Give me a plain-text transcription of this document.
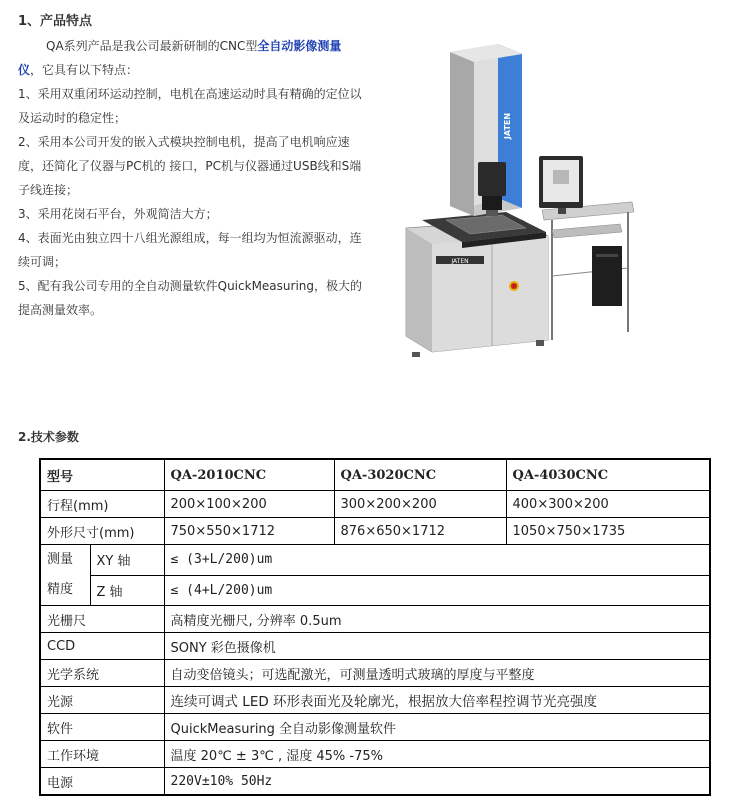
1、产品特点

QA系列产品是我公司最新研制的CNC型全自动影像测量仪，它具有以下特点：

1、采用双重闭环运动控制，电机在高速运动时具有精确的定位以及运动时的稳定性；

2、采用本公司开发的嵌入式模块控制电机，提高了电机响应速度，还简化了仪器与PC机的 接口，PC机与仪器通过USB线和S端子线连接；

3、采用花岗石平台，外观简洁大方；

4、表面光由独立四十八组光源组成，每一组均为恒流源驱动，连续可调；

5、配有我公司专用的全自动测量软件QuickMeasuring，极大的提高测量效率。

JATEN
JATEN
2.技术参数
型号		QA-2010CNC	QA-3020CNC	QA-4030CNC
行程(mm)		200×100×200	300×200×200	400×300×200
外形尺寸(mm)		750×550×1712	876×650×1712	1050×750×1735
测量
精度	XY 轴	≤ (3+L/200)um		
	Z 轴	≤ (4+L/200)um		
光栅尺		高精度光栅尺, 分辨率 0.5um		
CCD		SONY 彩色摄像机		
光学系统		自动变倍镜头；可选配激光，可测量透明式玻璃的厚度与平整度		
光源		连续可调式 LED 环形表面光及轮廓光，根据放大倍率程控调节光亮强度		
软件		QuickMeasuring 全自动影像测量软件		
工作环境		温度 20℃ ± 3℃ , 湿度 45% -75%		
电源		220V±10% 50Hz		
